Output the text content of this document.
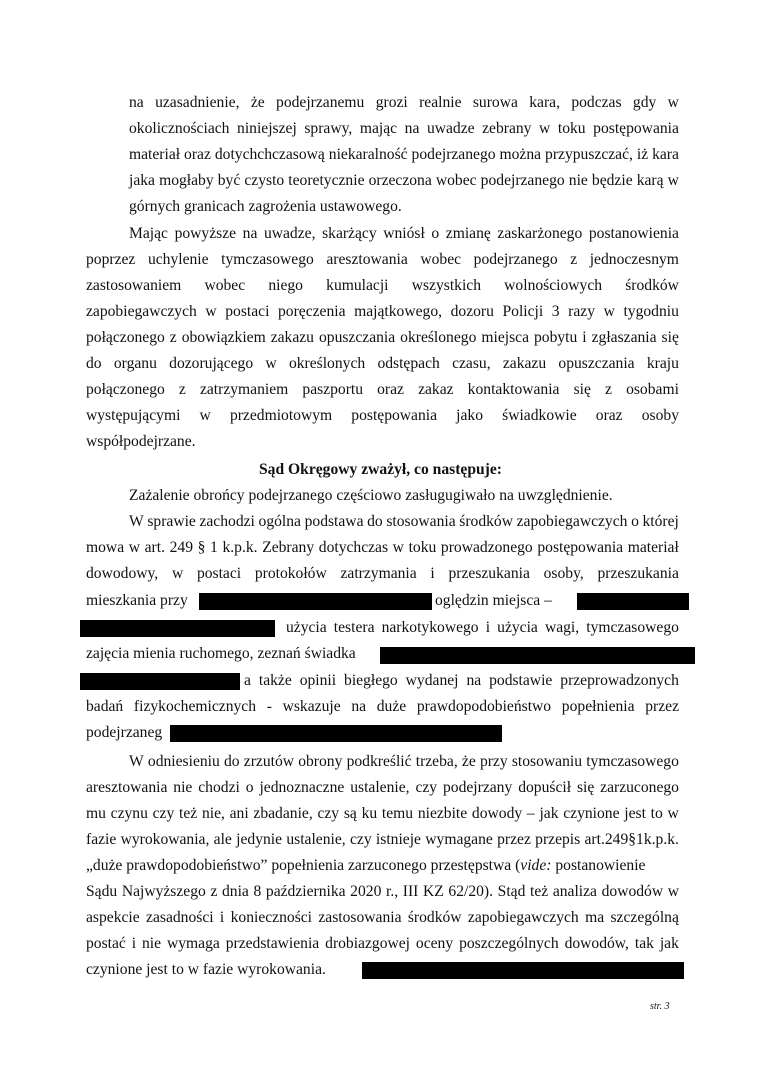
na uzasadnienie, że podejrzanemu grozi realnie surowa kara, podczas gdy w
okolicznościach niniejszej sprawy, mając na uwadze zebrany w toku postępowania
materiał oraz dotychchczasową niekaralność podejrzanego można przypuszczać, iż kara
jaka mogłaby być czysto teoretycznie orzeczona wobec podejrzanego nie będzie karą w
górnych granicach zagrożenia ustawowego.
Mając powyższe na uwadze, skarżący wniósł o zmianę zaskarżonego postanowienia
poprzez uchylenie tymczasowego aresztowania wobec podejrzanego z jednoczesnym
zastosowaniem wobec niego kumulacji wszystkich wolnościowych środków
zapobiegawczych w postaci poręczenia majątkowego, dozoru Policji 3 razy w tygodniu
połączonego z obowiązkiem zakazu opuszczania określonego miejsca pobytu i zgłaszania się
do organu dozorującego w określonych odstępach czasu, zakazu opuszczania kraju
połączonego z zatrzymaniem paszportu oraz zakaz kontaktowania się z osobami
występującymi w przedmiotowym postępowania jako świadkowie oraz osoby
współpodejrzane.
Sąd Okręgowy zważył, co następuje:
Zażalenie obrońcy podejrzanego częściowo zasługugiwało na uwzględnienie.
W sprawie zachodzi ogólna podstawa do stosowania środków zapobiegawczych o której
mowa w art. 249 § 1 k.p.k. Zebrany dotychczas w toku prowadzonego postępowania materiał
dowodowy, w postaci protokołów zatrzymania i przeszukania osoby, przeszukania
mieszkania przy	oględzin miejsca –
użycia testera narkotykowego i użycia wagi, tymczasowego
zajęcia mienia ruchomego, zeznań świadka
a także opinii biegłego wydanej na podstawie przeprowadzonych
badań fizykochemicznych - wskazuje na duże prawdopodobieństwo popełnienia przez
podejrzaneg
W odniesieniu do zrzutów obrony podkreślić trzeba, że przy stosowaniu tymczasowego
aresztowania nie chodzi o jednoznaczne ustalenie, czy podejrzany dopuścił się zarzuconego
mu czynu czy też nie, ani zbadanie, czy są ku temu niezbite dowody – jak czynione jest to w
fazie wyrokowania, ale jedynie ustalenie, czy istnieje wymagane przez przepis art.249§1k.p.k.
„duże prawdopodobieństwo” popełnienia zarzuconego przestępstwa (vide: postanowienie
Sądu Najwyższego z dnia 8 października 2020 r., III KZ 62/20). Stąd też analiza dowodów w
aspekcie zasadności i konieczności zastosowania środków zapobiegawczych ma szczególną
postać i nie wymaga przedstawienia drobiazgowej oceny poszczególnych dowodów, tak jak
czynione jest to w fazie wyrokowania.
str. 3
